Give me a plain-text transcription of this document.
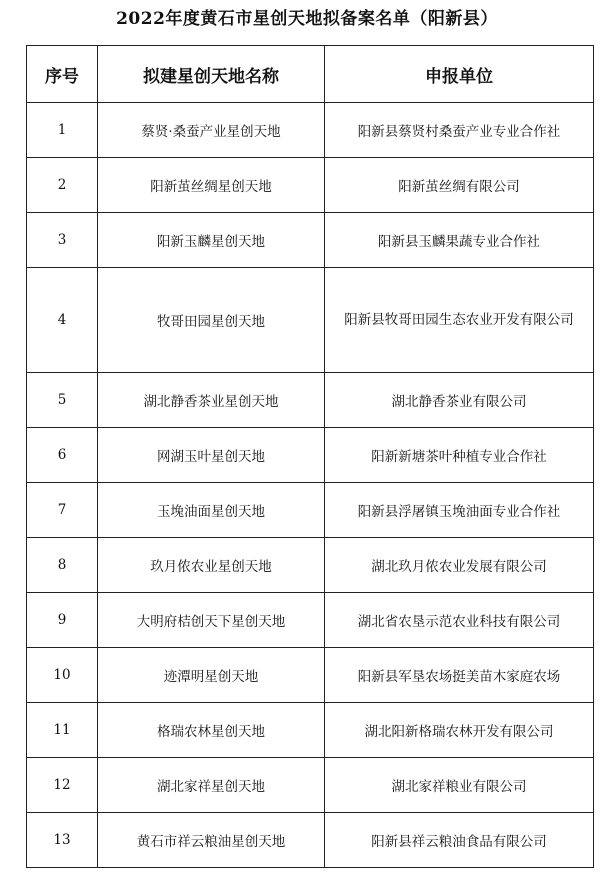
2022年度黄石市星创天地拟备案名单（阳新县）
序号	拟建星创天地名称	申报单位
1	蔡贤·桑蚕产业星创天地	阳新县蔡贤村桑蚕产业专业合作社
2	阳新茧丝绸星创天地	阳新茧丝绸有限公司
3	阳新玉麟星创天地	阳新县玉麟果蔬专业合作社
4	牧哥田园星创天地	阳新县牧哥田园生态农业开发有限公司
5	湖北静香茶业星创天地	湖北静香茶业有限公司
6	网湖玉叶星创天地	阳新新塘茶叶种植专业合作社
7	玉堍油面星创天地	阳新县浮屠镇玉堍油面专业合作社
8	玖月侬农业星创天地	湖北玖月侬农业发展有限公司
9	大明府桔创天下星创天地	湖北省农垦示范农业科技有限公司
10	迹潭明星创天地	阳新县军垦农场挺美苗木家庭农场
11	格瑞农林星创天地	湖北阳新格瑞农林开发有限公司
12	湖北家祥星创天地	湖北家祥粮业有限公司
13	黄石市祥云粮油星创天地	阳新县祥云粮油食品有限公司
